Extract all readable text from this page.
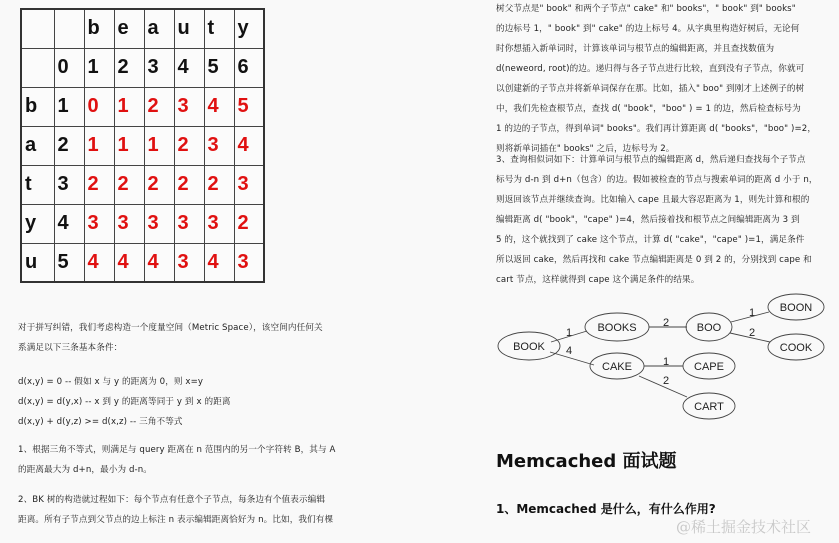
		b	e	a	u	t	y
	0	1	2	3	4	5	6
b	1	0	1	2	3	4	5
a	2	1	1	1	2	3	4
t	3	2	2	2	2	2	3
y	4	3	3	3	3	3	2
u	5	4	4	4	3	4	3

对于拼写纠错，我们考虑构造一个度量空间（Metric Space），该空间内任何关

系满足以下三条基本条件：

d(x,y) = 0 -- 假如 x 与 y 的距离为 0，则 x=y

d(x,y) = d(y,x) -- x 到 y 的距离等同于 y 到 x 的距离

d(x,y) + d(y,z) >= d(x,z) -- 三角不等式

1、根据三角不等式，则满足与 query 距离在 n 范围内的另一个字符转 B，其与 A

的距离最大为 d+n，最小为 d-n。

2、BK 树的构造就过程如下：每个节点有任意个子节点，每条边有个值表示编辑

距离。所有子节点到父节点的边上标注 n 表示编辑距离恰好为 n。比如，我们有棵

树父节点是" book" 和两个子节点" cake" 和" books"，" book" 到" books"

的边标号 1，" book" 到" cake" 的边上标号 4。从字典里构造好树后，无论何

时你想插入新单词时，计算该单词与根节点的编辑距离，并且查找数值为

d(neweord, root)的边。递归得与各子节点进行比较，直到没有子节点，你就可

以创建新的子节点并将新单词保存在那。比如，插入" boo" 到刚才上述例子的树

中，我们先检查根节点，查找 d( "book"，"boo" ) = 1 的边，然后检查标号为

1 的边的子节点，得到单词" books"。我们再计算距离 d( "books"，"boo" )=2，

则将新单词插在" books" 之后，边标号为 2。

3、查询相似词如下：计算单词与根节点的编辑距离 d，然后递归查找每个子节点

标号为 d-n 到 d+n（包含）的边。假如被检查的节点与搜索单词的距离 d 小于 n，

则返回该节点并继续查询。比如输入 cape 且最大容忍距离为 1，则先计算和根的

编辑距离 d( "book"，"cape" )=4，然后接着找和根节点之间编辑距离为 3 到

5 的，这个就找到了 cake 这个节点，计算 d( "cake"，"cape" )=1，满足条件

所以返回 cake，然后再找和 cake 节点编辑距离是 0 到 2 的，分别找到 cape 和

cart 节点，这样就得到 cape 这个满足条件的结果。

BOOK
BOOKS	BOO
BOON
COOK
CAKE	CAPE
CART
1
4
2
1
2
1
2
Memcached 面试题
1、Memcached 是什么，有什么作用?
@稀土掘金技术社区
